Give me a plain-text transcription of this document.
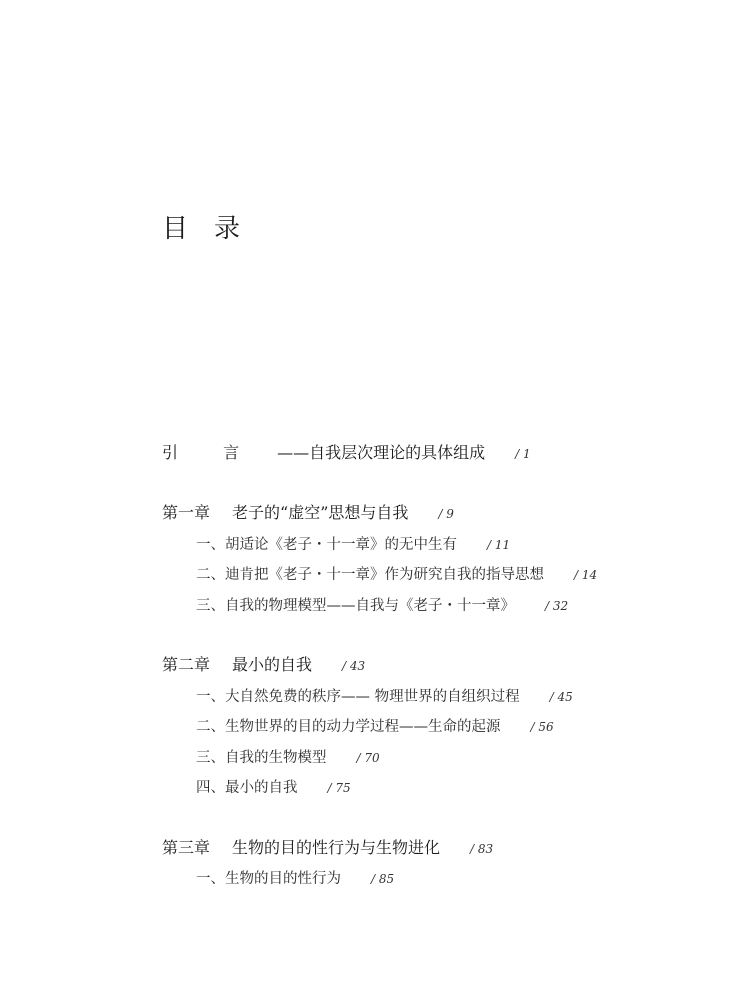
目录
引 言 ——自我层次理论的具体组成	/ 1
第一章 老子的“虚空”思想与自我	/ 9
一、胡适论《老子・十一章》的无中生有	/ 11
二、迪肯把《老子・十一章》作为研究自我的指导思想	/ 14
三、自我的物理模型——自我与《老子・十一章》	/ 32
第二章 最小的自我	/ 43
一、大自然免费的秩序—— 物理世界的自组织过程	/ 45
二、生物世界的目的动力学过程——生命的起源	/ 56
三、自我的生物模型	/ 70
四、最小的自我	/ 75
第三章 生物的目的性行为与生物进化	/ 83
一、生物的目的性行为	/ 85
